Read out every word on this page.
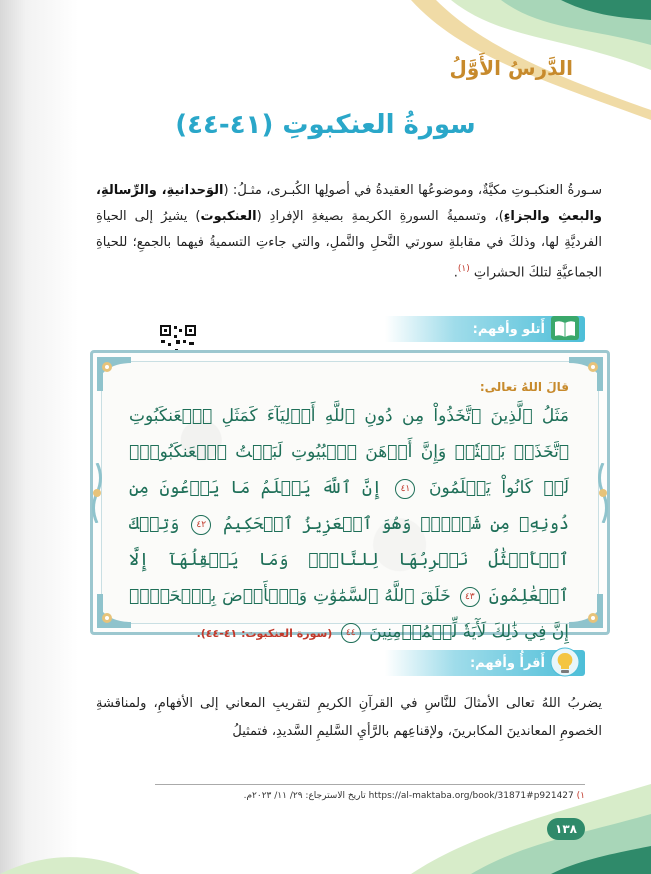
الدَّرسُ الأَوَّلُ
سورةُ العنكبوتِ (٤١-٤٤)
سـورةُ العنكبـوتِ مكيَّةٌ، وموضوعُها العقيدةُ في أصولِها الكُبـرى، مثـلُ: (الوَحدانيةِ، والرِّسالةِ، والبعثِ والجزاءِ)، وتسميةُ السورةِ الكريمةِ بصيغةِ الإفرادِ (العنكبوت) يشيرُ إلى الحياةِ الفرديَّةِ لها، وذلكَ في مقابلةِ سورتي النَّحلِ والنَّملِ، والتي جاءتِ التسميةُ فيهما بالجمعِ؛ للحياةِ الجماعيَّةِ لتلكَ الحشراتِ $^{(١)}$.
أَتلو وأفهم:
قالَ اللهُ تعالى:
مَثَلُ ٱلَّذِينَ ٱتَّخَذُواْ مِن دُونِ ٱللَّهِ أَوۡلِيَآءَ كَمَثَلِ ٱلۡعَنكَبُوتِ ٱتَّخَذَتۡ بَيۡتٗاۖ وَإِنَّ أَوۡهَنَ ٱلۡبُيُوتِ لَبَيۡتُ ٱلۡعَنكَبُوتِۚ لَوۡ كَانُواْ يَعۡلَمُونَ ٤١ إِنَّ ٱللَّهَ يَعۡلَمُ مَا يَدۡعُونَ مِن دُونِهِۦ مِن شَيۡءٖۚ وَهُوَ ٱلۡعَزِيزُ ٱلۡحَكِيمُ ٤٢ وَتِلۡكَ ٱلۡأَمۡثَٰلُ نَضۡرِبُهَا لِلنَّاسِۖ وَمَا يَعۡقِلُهَآ إِلَّا ٱلۡعَٰلِمُونَ ٤٣ خَلَقَ ٱللَّهُ ٱلسَّمَٰوَٰتِ وَٱلۡأَرۡضَ بِٱلۡحَقِّۚ إِنَّ فِي ذَٰلِكَ لَأٓيَةٗ لِّلۡمُؤۡمِنِينَ ٤٤ (سورة العنكبوت: ٤١-٤٤).
أَقرأُ وأفهم:
يضربُ اللهُ تعالى الأمثالَ للنَّاسِ في القرآنِ الكريمِ لتقريبِ المعاني إلى الأفهامِ، ولمناقشةِ الخصومِ المعاندينَ المكابرينَ، ولإقناعِهم بالرَّأيِ السَّليمِ السَّديدِ، فتمثيلُ
١) https://al-maktaba.org/book/31871#p921427 تاريخ الاسترجاع: ٢٩/ ١١/ ٢٠٢٣م.
١٣٨
